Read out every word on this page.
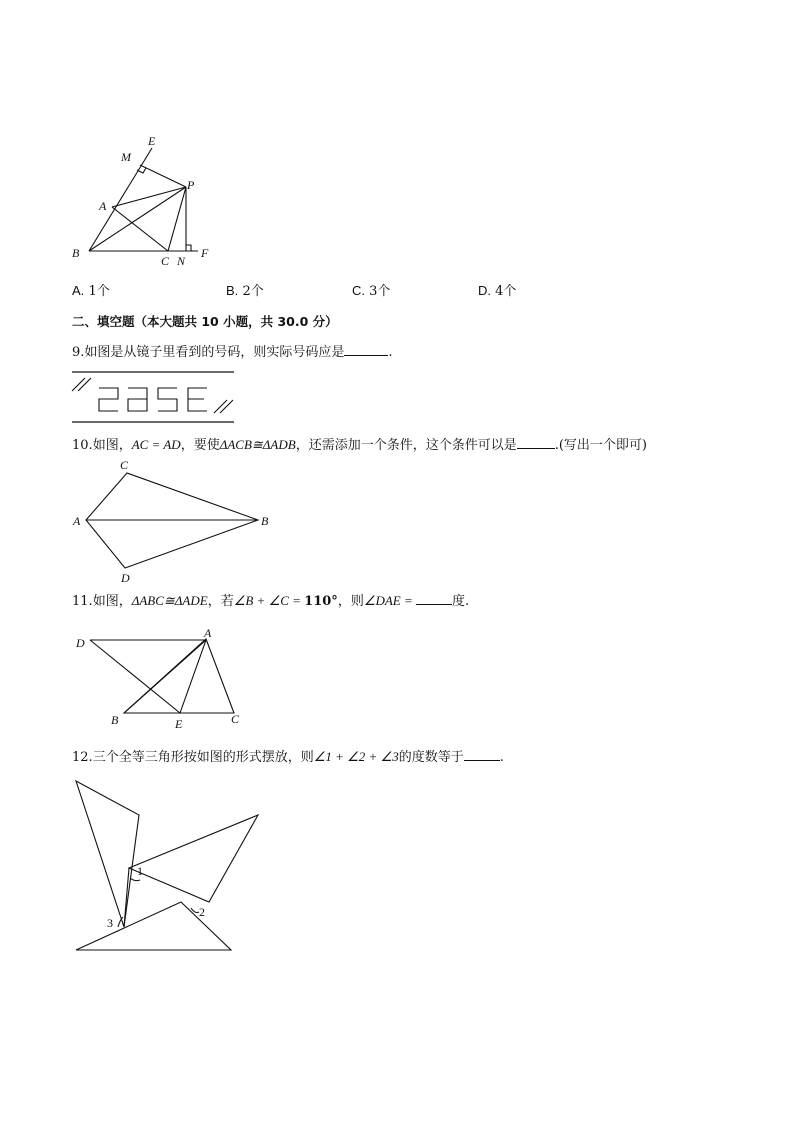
E
M
P
A
B
C N
F
A. 1个	B. 2个	C. 3个	D. 4个
二、填空题（本大题共 10 小题，共 30.0 分）
9.如图是从镜子里看到的号码，则实际号码应是	.
10.如图，AC = AD，要使ΔACB≅ΔADB，还需添加一个条件，这个条件可以是	.(写出一个即可)
C
A	B
D
11.如图，ΔABC≅ΔADE，若∠B + ∠C = 110°，则∠DAE =	度.
D
A
B	E	C
12.三个全等三角形按如图的形式摆放，则∠1 + ∠2 + ∠3的度数等于	.
1
2
3
